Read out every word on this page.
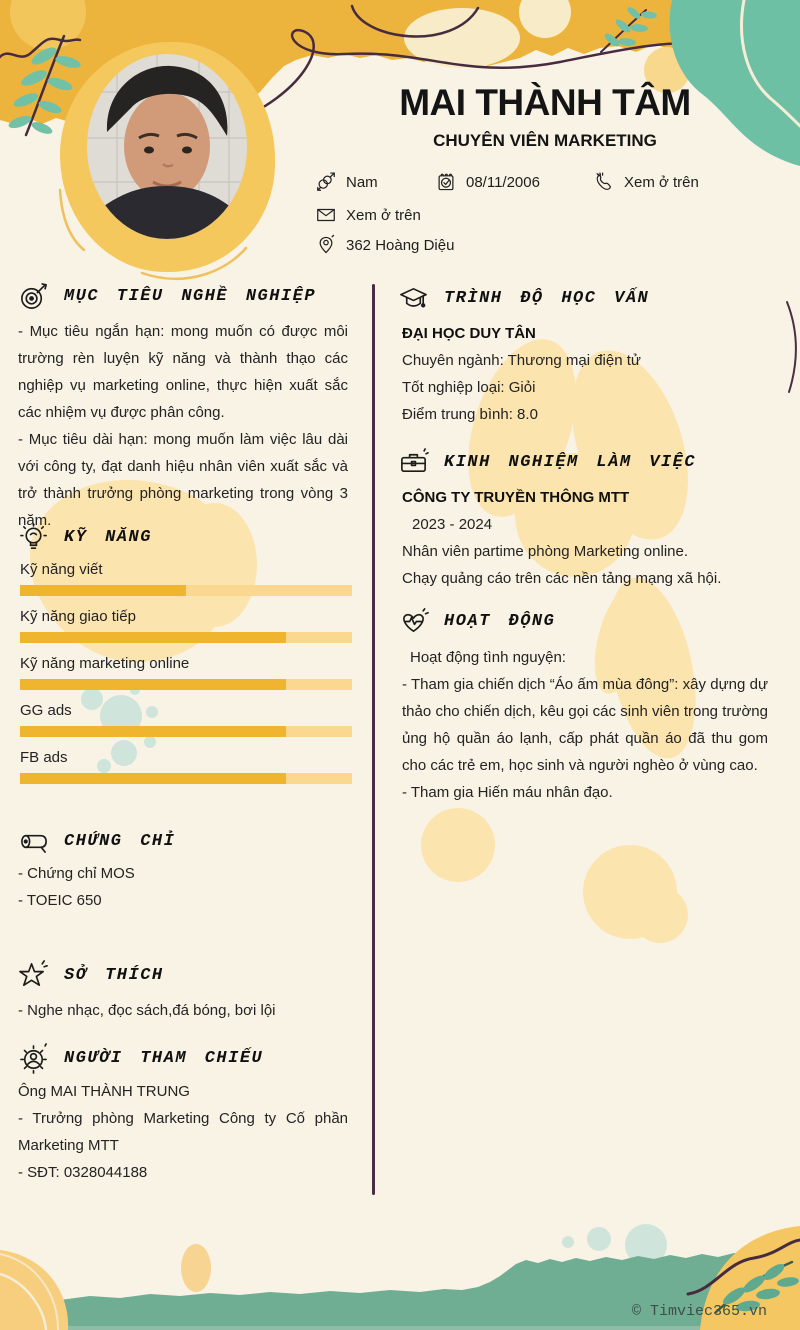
MAI THÀNH TÂM
CHUYÊN VIÊN MARKETING
Nam	08/11/2006	Xem ở trên
Xem ở trên
362 Hoàng Diệu
MỤC TIÊU NGHỀ NGHIỆP

- Mục tiêu ngắn hạn: mong muốn có được môi trường rèn luyện kỹ năng và thành thạo các nghiệp vụ marketing online, thực hiện xuất sắc các nhiệm vụ được phân công.

- Mục tiêu dài hạn: mong muốn làm việc lâu dài với công ty, đạt danh hiệu nhân viên xuất sắc và trở thành trưởng phòng marketing trong vòng 3 năm.

KỸ NĂNG
Kỹ năng viết
Kỹ năng giao tiếp
Kỹ năng marketing online
GG ads
FB ads
CHỨNG CHỈ

- Chứng chỉ MOS

- TOEIC 650

SỞ THÍCH
- Nghe nhạc, đọc sách,đá bóng, bơi lội
NGƯỜI THAM CHIẾU

Ông MAI THÀNH TRUNG

- Trưởng phòng Marketing Công ty Cố phần Marketing MTT

- SĐT: 0328044188

TRÌNH ĐỘ HỌC VẤN

ĐẠI HỌC DUY TÂN

Chuyên ngành: Thương mại điện tử

Tốt nghiệp loại: Giỏi

Điểm trung bình: 8.0

KINH NGHIỆM LÀM VIỆC

CÔNG TY TRUYỀN THÔNG MTT

2023 - 2024

Nhân viên partime phòng Marketing online.

Chạy quảng cáo trên các nền tảng mạng xã hội.

HOẠT ĐỘNG

Hoạt động tình nguyện:

- Tham gia chiến dịch “Áo ấm mùa đông”: xây dựng dự thảo cho chiến dịch, kêu gọi các sinh viên trong trường ủng hộ quần áo lạnh, cấp phát quần áo đã thu gom cho các trẻ em, học sinh và người nghèo ở vùng cao.

- Tham gia Hiến máu nhân đạo.

© Timviec365.vn
